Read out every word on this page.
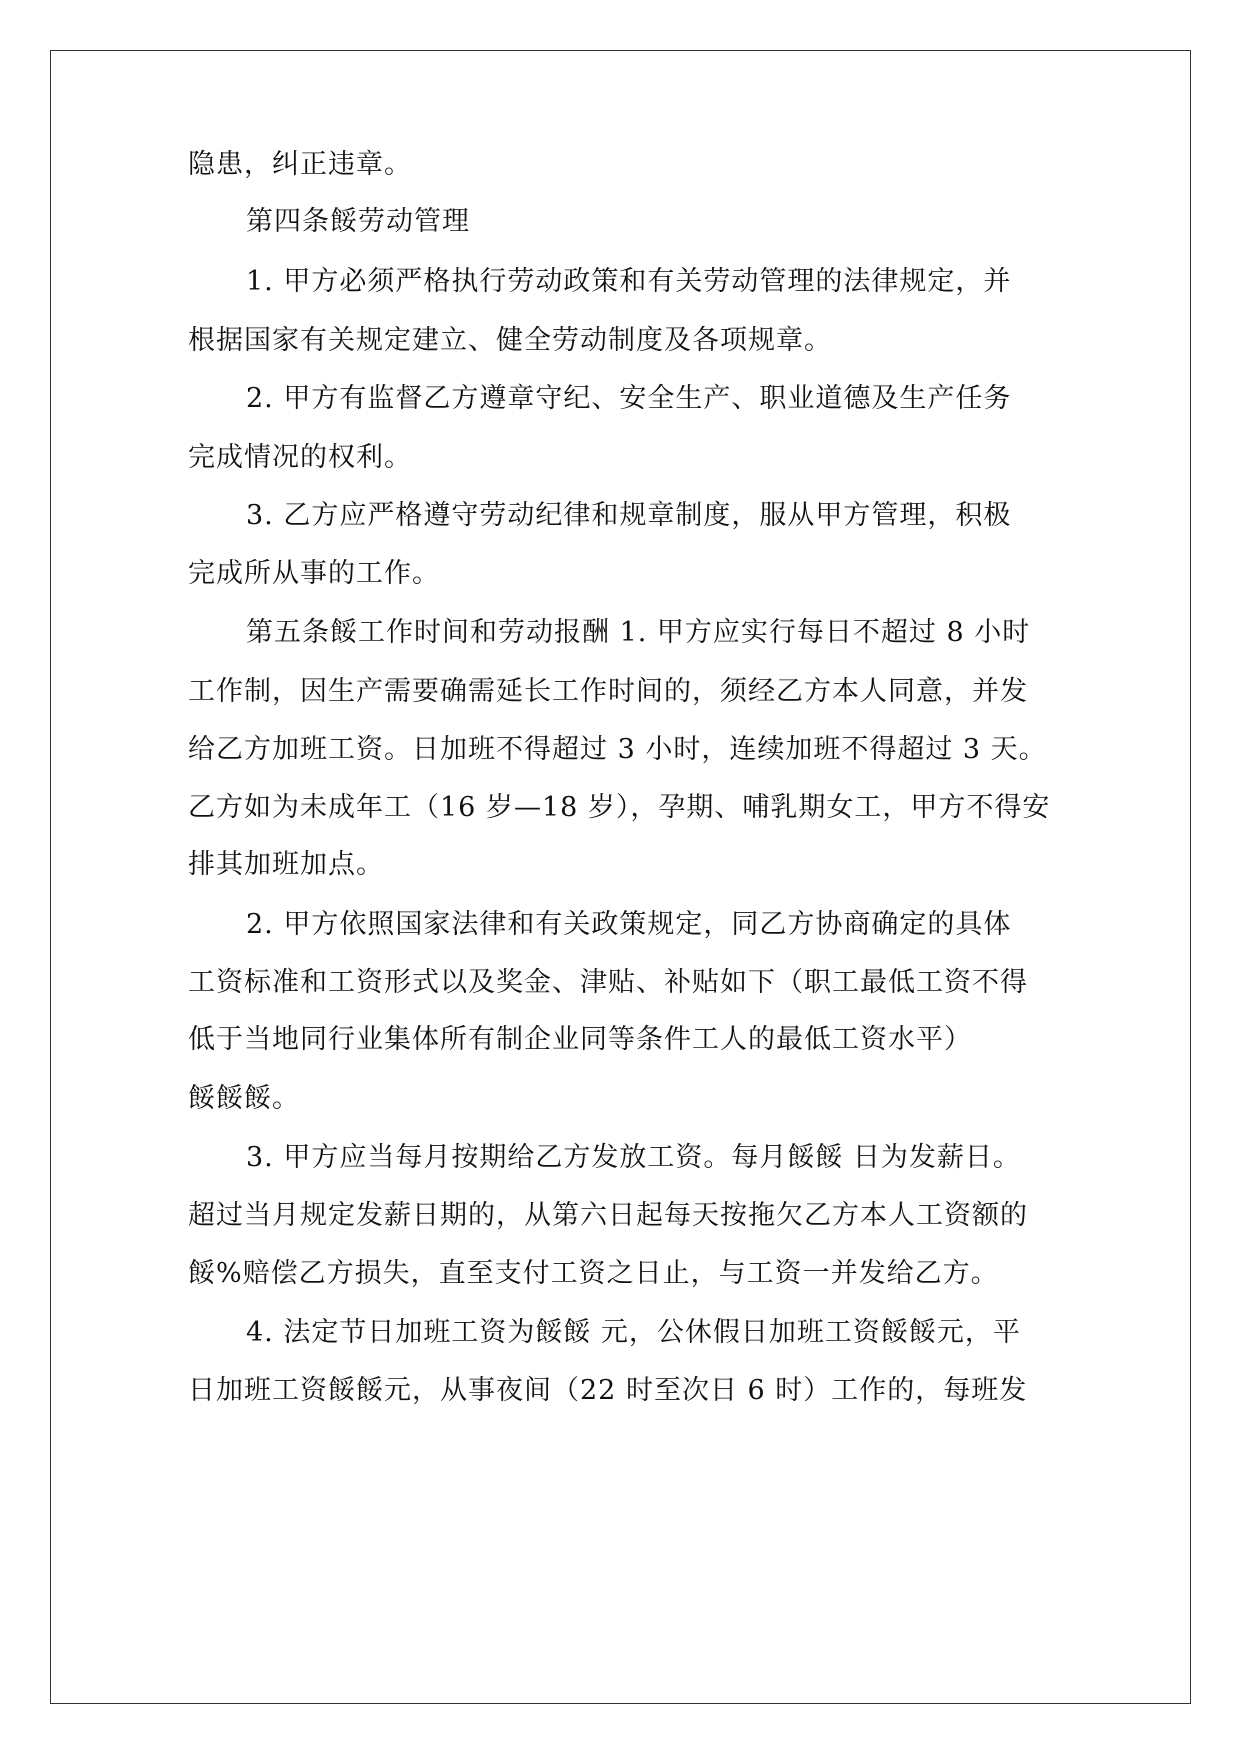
隐患，纠正违章。
第四条餒劳动管理
1. 甲方必须严格执行劳动政策和有关劳动管理的法律规定，并
根据国家有关规定建立、健全劳动制度及各项规章。
2. 甲方有监督乙方遵章守纪、安全生产、职业道德及生产任务
完成情况的权利。
3. 乙方应严格遵守劳动纪律和规章制度，服从甲方管理，积极
完成所从事的工作。
第五条餒工作时间和劳动报酬 1. 甲方应实行每日不超过 8 小时
工作制，因生产需要确需延长工作时间的，须经乙方本人同意，并发
给乙方加班工资。日加班不得超过 3 小时，连续加班不得超过 3 天。
乙方如为未成年工（16 岁—18 岁），孕期、哺乳期女工，甲方不得安
排其加班加点。
2. 甲方依照国家法律和有关政策规定，同乙方协商确定的具体
工资标准和工资形式以及奖金、津贴、补贴如下（职工最低工资不得
低于当地同行业集体所有制企业同等条件工人的最低工资水平）
餒餒餒。
3. 甲方应当每月按期给乙方发放工资。每月餒餒 日为发薪日。
超过当月规定发薪日期的，从第六日起每天按拖欠乙方本人工资额的
餒%赔偿乙方损失，直至支付工资之日止，与工资一并发给乙方。
4. 法定节日加班工资为餒餒 元，公休假日加班工资餒餒元，平
日加班工资餒餒元，从事夜间（22 时至次日 6 时）工作的，每班发
